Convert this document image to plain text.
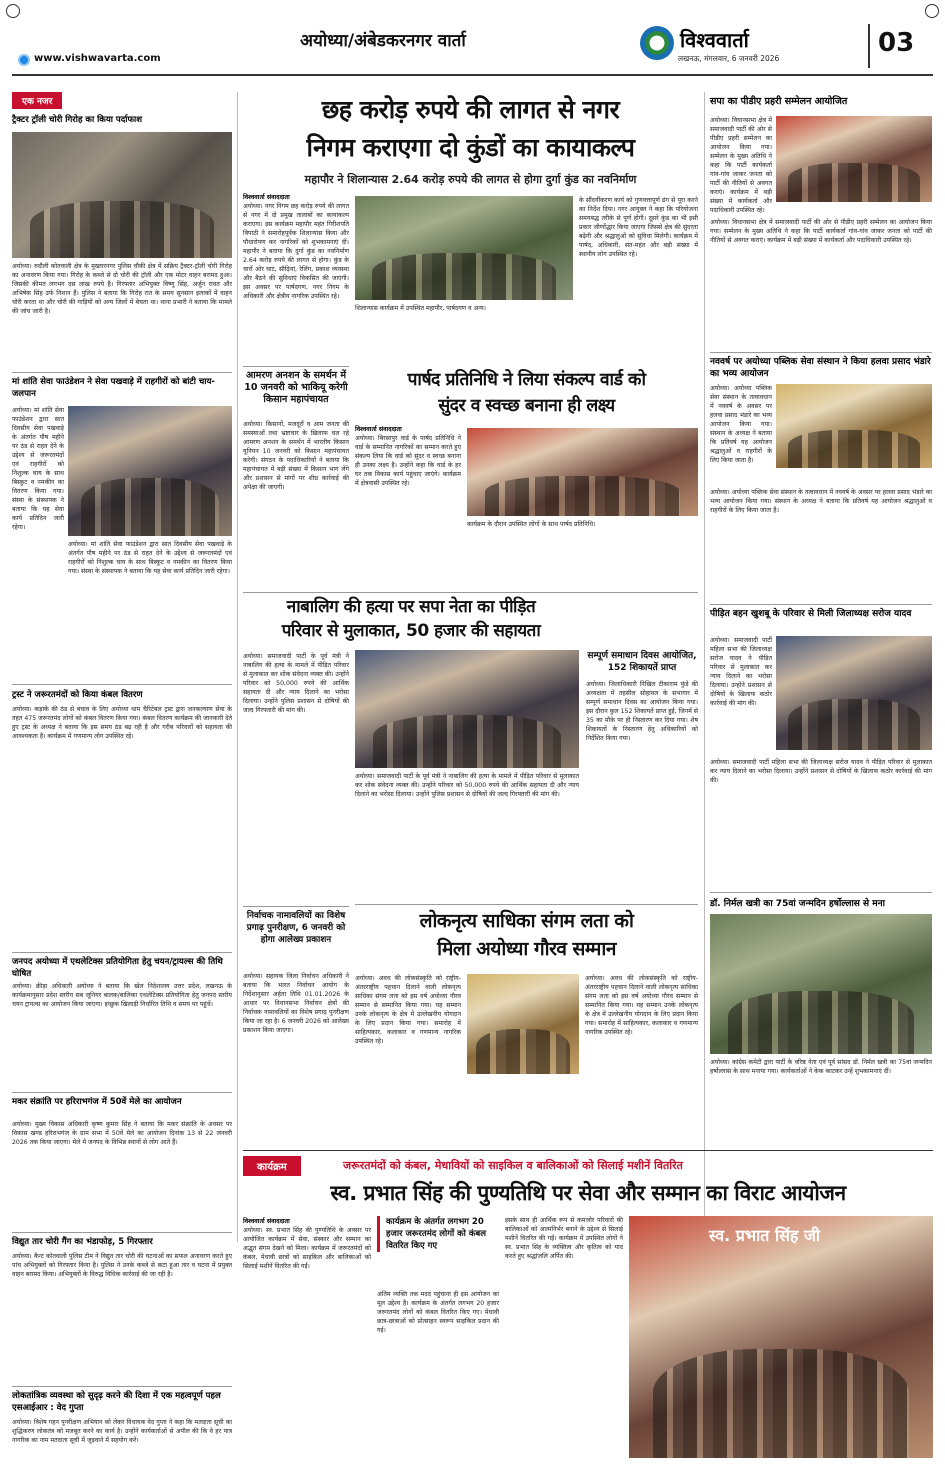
अयोध्या/अंबेडकरनगर वार्ता
www.vishwavarta.com
विश्ववार्ता
लखनऊ, मंगलवार, 6 जनवरी 2026
03
एक नजर
ट्रैक्टर ट्रॉली चोरी गिरोह का किया पर्दाफाश
अयोध्या। रुदौली कोतवाली क्षेत्र के मुख्तारनगर पुलिस चौकी क्षेत्र में सक्रिय ट्रैक्टर-ट्रॉली चोरी गिरोह का अनावरण किया गया। गिरोह के कब्जे से दो चोरी की ट्रॉली और एक मोटर वाहन बरामद हुआ। जिसकी कीमत लगभग दस लाख रुपये है। गिरफ्तार अभियुक्त विष्णु सिंह, अर्जुन रावत और अभिषेक सिंह उर्फ निशान हैं। पुलिस ने बताया कि गिरोह रात के समय सुनसान इलाकों में वाहन चोरी करता था और चोरी की गाड़ियों को अन्य जिलों में बेचता था। थाना प्रभारी ने बताया कि मामले की जांच जारी है।
मां शांति सेवा फाउंडेशन ने सेवा पखवाड़े में राहगीरों को बांटी चाय-जलपान
अयोध्या। मां शांति सेवा फाउंडेशन द्वारा सात दिवसीय सेवा पखवाड़े के अंतर्गत पौष महीने पर ठंड से राहत देने के उद्देश्य से जरूरतमंदों एवं राहगीरों को निशुल्क चाय के साथ बिस्कुट व नमकीन का वितरण किया गया। संस्था के संस्थापक ने बताया कि यह सेवा कार्य प्रतिदिन जारी रहेगा।
अयोध्या। मां शांति सेवा फाउंडेशन द्वारा सात दिवसीय सेवा पखवाड़े के अंतर्गत पौष महीने पर ठंड से राहत देने के उद्देश्य से जरूरतमंदों एवं राहगीरों को निशुल्क चाय के साथ बिस्कुट व नमकीन का वितरण किया गया। संस्था के संस्थापक ने बताया कि यह सेवा कार्य प्रतिदिन जारी रहेगा।
ट्रस्ट ने जरूरतमंदों को किया कंबल वितरण
अयोध्या। कड़ाके की ठंड से बचाव के लिए अयोध्या धाम चैरिटेबल ट्रस्ट द्वारा जनकल्याण सेवा के तहत 475 जरूरतमंद लोगों को कंबल वितरण किया गया। कंबल वितरण कार्यक्रम की जानकारी देते हुए ट्रस्ट के अध्यक्ष ने बताया कि इस समय ठंड बढ़ रही है और गरीब परिवारों को सहायता की आवश्यकता है। कार्यक्रम में गणमान्य लोग उपस्थित रहे।
जनपद अयोध्या में एथलेटिक्स प्रतियोगिता हेतु चयन/ट्रायल्स की तिथि घोषित
अयोध्या। क्रीड़ा अधिकारी अयोध्या ने बताया कि खेल निदेशालय उत्तर प्रदेश, लखनऊ के कार्यक्रमानुसार प्रदेश स्तरीय सब जूनियर बालक/बालिका एथलेटिक्स प्रतियोगिता हेतु जनपद स्तरीय चयन ट्रायल्स का आयोजन किया जाएगा। इच्छुक खिलाड़ी निर्धारित तिथि व समय पर पहुंचें।
मकर संक्रांति पर हरिराभगंज में 50वें मेले का आयोजन
अयोध्या। मुख्य विकास अधिकारी कृष्ण कुमार सिंह ने बताया कि मकर संक्रांति के अवसर पर विकास खण्ड हरिराभगंज के ग्राम सभा में 50वें मेले का आयोजन दिनांक 13 से 22 जनवरी 2026 तक किया जाएगा। मेले में जनपद के विभिन्न स्थानों से लोग आते हैं।
विद्युत तार चोरी गैंग का भंडाफोड़, 5 गिरफ्तार
अयोध्या। कैन्ट कोतवाली पुलिस टीम ने विद्युत तार चोरी की घटनाओं का सफल अनावरण करते हुए पांच अभियुक्तों को गिरफ्तार किया है। पुलिस ने उनके कब्जे से कटा हुआ तार व घटना में प्रयुक्त वाहन बरामद किया। अभियुक्तों के विरुद्ध विधिक कार्रवाई की जा रही है।
लोकतांत्रिक व्यवस्था को सुदृढ़ करने की दिशा में एक महत्वपूर्ण पहल एसआईआर : वेद गुप्ता
अयोध्या। विशेष गहन पुनरीक्षण अभियान को लेकर विधायक वेद गुप्ता ने कहा कि मतदाता सूची का शुद्धिकरण लोकतंत्र को मजबूत करने का कार्य है। उन्होंने कार्यकर्ताओं से अपील की कि वे हर पात्र नागरिक का नाम मतदाता सूची में जुड़वाने में सहयोग करें।
छह करोड़ रुपये की लागत से नगर
निगम कराएगा दो कुंडों का कायाकल्प
महापौर ने शिलान्यास 2.64 करोड़ रुपये की लागत से होगा दुर्गा कुंड का नवनिर्माण
विश्ववार्ता संवाददाता
अयोध्या। नगर निगम छह करोड़ रुपये की लागत से नगर में दो प्रमुख तालाबों का कायाकल्प कराएगा। इस कार्यक्रम महापौर महंत गिरीशपति त्रिपाठी ने समारोहपूर्वक शिलान्यास किया और पौधारोपण कर नागरिकों को शुभकामनाएं दीं। महापौर ने बताया कि दुर्गा कुंड का नवनिर्माण 2.64 करोड़ रुपये की लागत से होगा। कुंड के चारों ओर घाट, सीढ़ियां, रेलिंग, प्रकाश व्यवस्था और बैठने की सुविधाएं विकसित की जाएंगी। इस अवसर पर पार्षदगण, नगर निगम के अधिकारी और क्षेत्रीय नागरिक उपस्थित रहे।
शिलान्यास कार्यक्रम में उपस्थित महापौर, पार्षदगण व अन्य।
के सौंदर्यीकरण कार्य को गुणवत्तापूर्ण ढंग से पूरा करने का निर्देश दिया। नगर आयुक्त ने कहा कि परियोजना समयबद्ध तरीके से पूर्ण होगी। दूसरे कुंड का भी इसी प्रकार जीर्णोद्धार किया जाएगा जिससे क्षेत्र की सुंदरता बढ़ेगी और श्रद्धालुओं को सुविधा मिलेगी। कार्यक्रम में पार्षद, अधिकारी, संत-महंत और बड़ी संख्या में स्थानीय लोग उपस्थित रहे।
आमरण अनशन के समर्थन में 10 जनवरी को भाकियू करेगी किसान महापंचायत
अयोध्या। किसानों, मजदूरों व आम जनता की समस्याओं तथा भ्रष्टाचार के खिलाफ चल रहे आमरण अनशन के समर्थन में भारतीय किसान यूनियन 10 जनवरी को किसान महापंचायत करेगी। संगठन के पदाधिकारियों ने बताया कि महापंचायत में बड़ी संख्या में किसान भाग लेंगे और प्रशासन से मांगों पर शीघ्र कार्रवाई की अपेक्षा की जाएगी।
पार्षद प्रतिनिधि ने लिया संकल्प वार्ड को
सुंदर व स्वच्छ बनाना ही लक्ष्य
विश्ववार्ता संवाददाता
अयोध्या। बिरसापुर वार्ड के पार्षद प्रतिनिधि ने वार्ड के सम्मानित नागरिकों का सम्मान करते हुए संकल्प लिया कि वार्ड को सुंदर व स्वच्छ बनाना ही उनका लक्ष्य है। उन्होंने कहा कि वार्ड के हर घर तक विकास कार्य पहुंचाए जाएंगे। कार्यक्रम में क्षेत्रवासी उपस्थित रहे।
कार्यक्रम के दौरान उपस्थित लोगों के साथ पार्षद प्रतिनिधि।
नाबालिग की हत्या पर सपा नेता का पीड़ित
परिवार से मुलाकात, 50 हजार की सहायता
अयोध्या। समाजवादी पार्टी के पूर्व मंत्री ने नाबालिग की हत्या के मामले में पीड़ित परिवार से मुलाकात कर शोक संवेदना व्यक्त की। उन्होंने परिवार को 50,000 रुपये की आर्थिक सहायता दी और न्याय दिलाने का भरोसा दिलाया। उन्होंने पुलिस प्रशासन से दोषियों की जल्द गिरफ्तारी की मांग की।
अयोध्या। समाजवादी पार्टी के पूर्व मंत्री ने नाबालिग की हत्या के मामले में पीड़ित परिवार से मुलाकात कर शोक संवेदना व्यक्त की। उन्होंने परिवार को 50,000 रुपये की आर्थिक सहायता दी और न्याय दिलाने का भरोसा दिलाया। उन्होंने पुलिस प्रशासन से दोषियों की जल्द गिरफ्तारी की मांग की।
सम्पूर्ण समाधान दिवस आयोजित, 152 शिकायतें प्राप्त
अयोध्या। जिलाधिकारी निखिल टीकाराम फुंडे की अध्यक्षता में तहसील सोहावल के सभागार में सम्पूर्ण समाधान दिवस का आयोजन किया गया। इस दौरान कुल 152 शिकायतें प्राप्त हुईं, जिनमें से 35 का मौके पर ही निस्तारण कर दिया गया। शेष शिकायतों के निस्तारण हेतु अधिकारियों को निर्देशित किया गया।
निर्वाचक नामावलियों का विशेष प्रगाढ़ पुनरीक्षण, 6 जनवरी को होगा आलेख्य प्रकाशन
अयोध्या। सहायक जिला निर्वाचन अधिकारी ने बताया कि भारत निर्वाचन आयोग के निर्देशानुसार अर्हता तिथि 01.01.2026 के आधार पर विधानसभा निर्वाचन क्षेत्रों की निर्वाचक नामावलियों का विशेष प्रगाढ़ पुनरीक्षण किया जा रहा है। 6 जनवरी 2026 को आलेख्य प्रकाशन किया जाएगा।
लोकनृत्य साधिका संगम लता को
मिला अयोध्या गौरव सम्मान
अयोध्या। अवध की लोकसंस्कृति को राष्ट्रीय-अंतरराष्ट्रीय पहचान दिलाने वाली लोकनृत्य साधिका संगम लता को इस वर्ष अयोध्या गौरव सम्मान से सम्मानित किया गया। यह सम्मान उनके लोकनृत्य के क्षेत्र में उल्लेखनीय योगदान के लिए प्रदान किया गया। समारोह में साहित्यकार, कलाकार व गणमान्य नागरिक उपस्थित रहे।
अयोध्या। अवध की लोकसंस्कृति को राष्ट्रीय-अंतरराष्ट्रीय पहचान दिलाने वाली लोकनृत्य साधिका संगम लता को इस वर्ष अयोध्या गौरव सम्मान से सम्मानित किया गया। यह सम्मान उनके लोकनृत्य के क्षेत्र में उल्लेखनीय योगदान के लिए प्रदान किया गया। समारोह में साहित्यकार, कलाकार व गणमान्य नागरिक उपस्थित रहे।
सपा का पीडीए प्रहरी सम्मेलन आयोजित
अयोध्या। विधानसभा क्षेत्र में समाजवादी पार्टी की ओर से पीडीए प्रहरी सम्मेलन का आयोजन किया गया। सम्मेलन के मुख्य अतिथि ने कहा कि पार्टी कार्यकर्ता गांव-गांव जाकर जनता को पार्टी की नीतियों से अवगत कराएं। कार्यक्रम में बड़ी संख्या में कार्यकर्ता और पदाधिकारी उपस्थित रहे।
अयोध्या। विधानसभा क्षेत्र में समाजवादी पार्टी की ओर से पीडीए प्रहरी सम्मेलन का आयोजन किया गया। सम्मेलन के मुख्य अतिथि ने कहा कि पार्टी कार्यकर्ता गांव-गांव जाकर जनता को पार्टी की नीतियों से अवगत कराएं। कार्यक्रम में बड़ी संख्या में कार्यकर्ता और पदाधिकारी उपस्थित रहे।
नववर्ष पर अयोध्या पब्लिक सेवा संस्थान ने किया हलवा प्रसाद भंडारे का भव्य आयोजन
अयोध्या। अयोध्या पब्लिक सेवा संस्थान के तत्वावधान में नववर्ष के अवसर पर हलवा प्रसाद भंडारे का भव्य आयोजन किया गया। संस्थान के अध्यक्ष ने बताया कि प्रतिवर्ष यह आयोजन श्रद्धालुओं व राहगीरों के लिए किया जाता है।
अयोध्या। अयोध्या पब्लिक सेवा संस्थान के तत्वावधान में नववर्ष के अवसर पर हलवा प्रसाद भंडारे का भव्य आयोजन किया गया। संस्थान के अध्यक्ष ने बताया कि प्रतिवर्ष यह आयोजन श्रद्धालुओं व राहगीरों के लिए किया जाता है।
पीड़ित बहन खुशबू के परिवार से मिली जिलाध्यक्ष सरोज यादव
अयोध्या। समाजवादी पार्टी महिला सभा की जिलाध्यक्ष सरोज यादव ने पीड़ित परिवार से मुलाकात कर न्याय दिलाने का भरोसा दिलाया। उन्होंने प्रशासन से दोषियों के खिलाफ कठोर कार्रवाई की मांग की।
अयोध्या। समाजवादी पार्टी महिला सभा की जिलाध्यक्ष सरोज यादव ने पीड़ित परिवार से मुलाकात कर न्याय दिलाने का भरोसा दिलाया। उन्होंने प्रशासन से दोषियों के खिलाफ कठोर कार्रवाई की मांग की।
डॉ. निर्मल खत्री का 75वां जन्मदिन हर्षोल्लास से मना
अयोध्या। कांग्रेस कमेटी द्वारा पार्टी के वरिष्ठ नेता एवं पूर्व सांसद डॉ. निर्मल खत्री का 75वां जन्मदिन हर्षोल्लास के साथ मनाया गया। कार्यकर्ताओं ने केक काटकर उन्हें शुभकामनाएं दीं।
कार्यक्रम	जरूरतमंदों को कंबल, मेधावियों को साइकिल व बालिकाओं को सिलाई मशीनें वितरित
स्व. प्रभात सिंह की पुण्यतिथि पर सेवा और सम्मान का विराट आयोजन
विश्ववार्ता संवाददाता
अयोध्या। स्व. प्रभात सिंह की पुण्यतिथि के अवसर पर आयोजित कार्यक्रम में सेवा, संस्कार और सम्मान का अद्भुत संगम देखने को मिला। कार्यक्रम में जरूरतमंदों को कंबल, मेधावी छात्रों को साइकिल और बालिकाओं को सिलाई मशीनें वितरित की गईं।
कार्यक्रम के अंतर्गत लगभग 20 हजार जरूरतमंद लोगों को कंबल वितरित किए गए
अंतिम व्यक्ति तक मदद पहुंचाना ही इस आयोजन का मूल उद्देश्य है। कार्यक्रम के अंतर्गत लगभग 20 हजार जरूरतमंद लोगों को कंबल वितरित किए गए। मेधावी छात्र-छात्राओं को प्रोत्साहन स्वरूप साइकिल प्रदान की गई।
इसके साथ ही आर्थिक रूप से कमजोर परिवारों की बालिकाओं को आत्मनिर्भर बनाने के उद्देश्य से सिलाई मशीनें वितरित की गईं। कार्यक्रम में उपस्थित लोगों ने स्व. प्रभात सिंह के व्यक्तित्व और कृतित्व को याद करते हुए श्रद्धांजलि अर्पित की।
स्व. प्रभात सिंह जी
